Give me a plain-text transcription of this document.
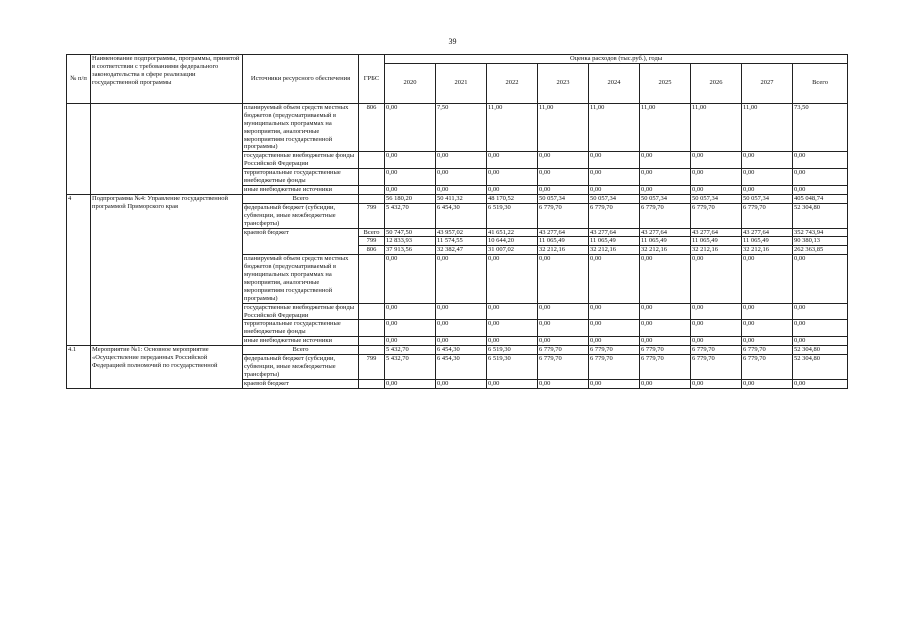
39
№ п/п	Наименование подпрограммы, программы, принятой в соответствии с требованиями федерального законодательства в сфере реализации государственной программы	Источники ресурсного обеспечения	ГРБС	Оценка расходов (тыс.руб.), годы								
				2020	2021	2022	2023	2024	2025	2026	2027	Всего
		планируемый объем средств местных бюджетов (предусматриваемый в муниципальных программах на мероприятия, аналогичные мероприятиям государственной программы)	806	0,00	7,50	11,00	11,00	11,00	11,00	11,00	11,00	73,50
		государственные внебюджетные фонды Российской Федерации		0,00	0,00	0,00	0,00	0,00	0,00	0,00	0,00	0,00
		территориальные государственные внебюджетные фонды		0,00	0,00	0,00	0,00	0,00	0,00	0,00	0,00	0,00
		иные внебюджетные источники		0,00	0,00	0,00	0,00	0,00	0,00	0,00	0,00	0,00
4	Подпрограмма №4: Управление государственной программой Приморского края	Всего		56 180,20	50 411,32	48 170,52	50 057,34	50 057,34	50 057,34	50 057,34	50 057,34	405 048,74
		федеральный бюджет (субсидии, субвенции, иные межбюджетные трансферты)	799	5 432,70	6 454,30	6 519,30	6 779,70	6 779,70	6 779,70	6 779,70	6 779,70	52 304,80
		краевой бюджет	Всего	50 747,50	43 957,02	41 651,22	43 277,64	43 277,64	43 277,64	43 277,64	43 277,64	352 743,94
			799	12 833,93	11 574,55	10 644,20	11 065,49	11 065,49	11 065,49	11 065,49	11 065,49	90 380,13
			806	37 913,56	32 382,47	31 007,02	32 212,16	32 212,16	32 212,16	32 212,16	32 212,16	262 363,85
		планируемый объем средств местных бюджетов (предусматриваемый в муниципальных программах на мероприятия, аналогичные мероприятиям государственной программы)		0,00	0,00	0,00	0,00	0,00	0,00	0,00	0,00	0,00
		государственные внебюджетные фонды Российской Федерации		0,00	0,00	0,00	0,00	0,00	0,00	0,00	0,00	0,00
		территориальные государственные внебюджетные фонды		0,00	0,00	0,00	0,00	0,00	0,00	0,00	0,00	0,00
		иные внебюджетные источники		0,00	0,00	0,00	0,00	0,00	0,00	0,00	0,00	0,00
4.1	Мероприятие №1: Основное мероприятие «Осуществление переданных Российской Федерацией полномочий по государственной	Всего		5 432,70	6 454,30	6 519,30	6 779,70	6 779,70	6 779,70	6 779,70	6 779,70	52 304,80
		федеральный бюджет (субсидии, субвенции, иные межбюджетные трансферты)	799	5 432,70	6 454,30	6 519,30	6 779,70	6 779,70	6 779,70	6 779,70	6 779,70	52 304,80
		краевой бюджет		0,00	0,00	0,00	0,00	0,00	0,00	0,00	0,00	0,00
